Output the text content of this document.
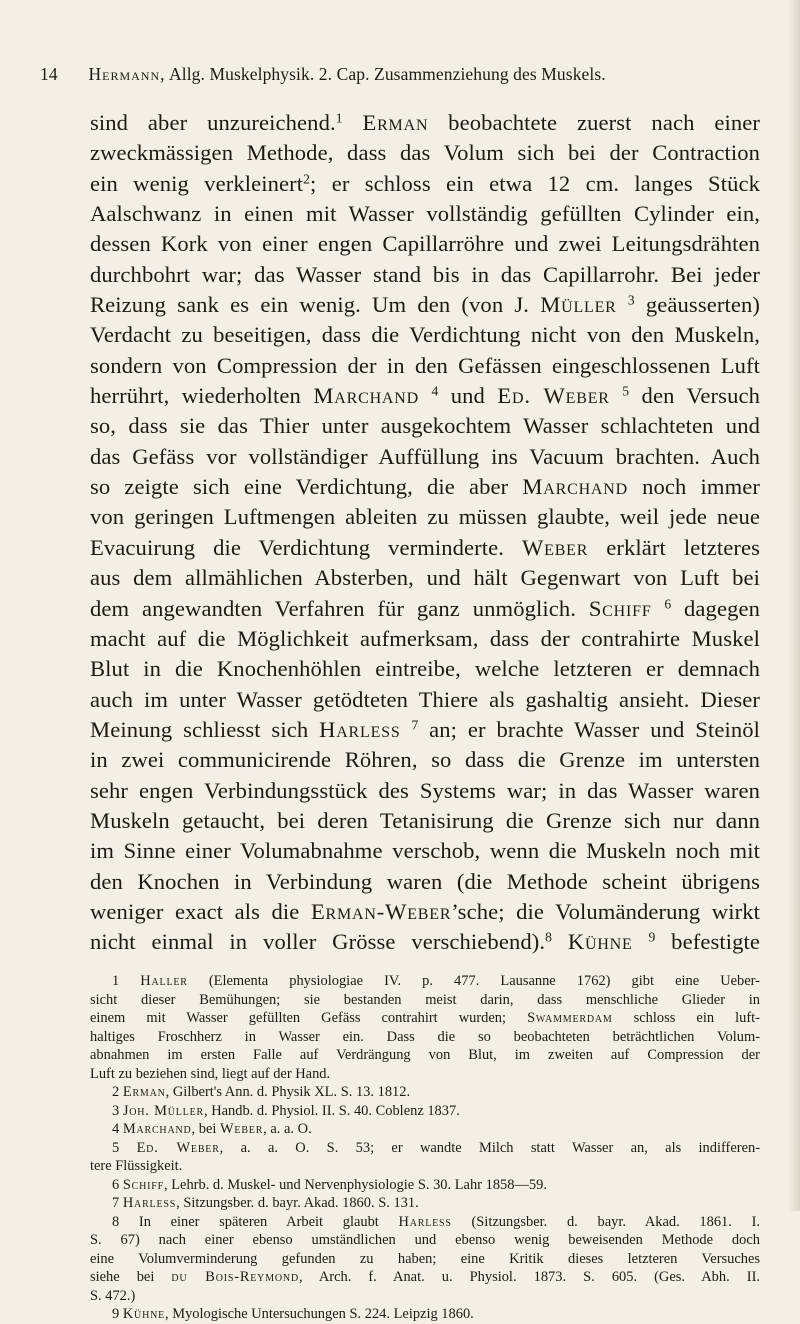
14 Hermann, Allg. Muskelphysik. 2. Cap. Zusammenziehung des Muskels.
sind aber unzureichend.$^1$ Erman beobachtete zuerst nach einer
zweckmässigen Methode, dass das Volum sich bei der Contraction
ein wenig verkleinert$^2$; er schloss ein etwa 12 cm. langes Stück
Aalschwanz in einen mit Wasser vollständig gefüllten Cylinder ein,
dessen Kork von einer engen Capillarröhre und zwei Leitungsdrähten
durchbohrt war; das Wasser stand bis in das Capillarrohr. Bei jeder
Reizung sank es ein wenig. Um den (von J. Müller $^3$ geäusserten)
Verdacht zu beseitigen, dass die Verdichtung nicht von den Muskeln,
sondern von Compression der in den Gefässen eingeschlossenen Luft
herrührt, wiederholten Marchand $^4$ und Ed. Weber $^5$ den Versuch
so, dass sie das Thier unter ausgekochtem Wasser schlachteten und
das Gefäss vor vollständiger Auffüllung ins Vacuum brachten. Auch
so zeigte sich eine Verdichtung, die aber Marchand noch immer
von geringen Luftmengen ableiten zu müssen glaubte, weil jede neue
Evacuirung die Verdichtung verminderte. Weber erklärt letzteres
aus dem allmählichen Absterben, und hält Gegenwart von Luft bei
dem angewandten Verfahren für ganz unmöglich. Schiff $^6$ dagegen
macht auf die Möglichkeit aufmerksam, dass der contrahirte Muskel
Blut in die Knochenhöhlen eintreibe, welche letzteren er demnach
auch im unter Wasser getödteten Thiere als gashaltig ansieht. Dieser
Meinung schliesst sich Harless $^7$ an; er brachte Wasser und Steinöl
in zwei communicirende Röhren, so dass die Grenze im untersten
sehr engen Verbindungsstück des Systems war; in das Wasser waren
Muskeln getaucht, bei deren Tetanisirung die Grenze sich nur dann
im Sinne einer Volumabnahme verschob, wenn die Muskeln noch mit
den Knochen in Verbindung waren (die Methode scheint übrigens
weniger exact als die Erman-Weber’sche; die Volumänderung wirkt
nicht einmal in voller Grösse verschiebend).$^8$ Kühne $^9$ befestigte
1 Haller (Elementa physiologiae IV. p. 477. Lausanne 1762) gibt eine Ueber-
sicht dieser Bemühungen; sie bestanden meist darin, dass menschliche Glieder in
einem mit Wasser gefüllten Gefäss contrahirt wurden; Swammerdam schloss ein luft-
haltiges Froschherz in Wasser ein. Dass die so beobachteten beträchtlichen Volum-
abnahmen im ersten Falle auf Verdrängung von Blut, im zweiten auf Compression der
Luft zu beziehen sind, liegt auf der Hand.
2 Erman, Gilbert's Ann. d. Physik XL. S. 13. 1812.
3 Joh. Müller, Handb. d. Physiol. II. S. 40. Coblenz 1837.
4 Marchand, bei Weber, a. a. O.
5 Ed. Weber, a. a. O. S. 53; er wandte Milch statt Wasser an, als indifferen-
tere Flüssigkeit.
6 Schiff, Lehrb. d. Muskel- und Nervenphysiologie S. 30. Lahr 1858—59.
7 Harless, Sitzungsber. d. bayr. Akad. 1860. S. 131.
8 In einer späteren Arbeit glaubt Harless (Sitzungsber. d. bayr. Akad. 1861. I.
S. 67) nach einer ebenso umständlichen und ebenso wenig beweisenden Methode doch
eine Volumverminderung gefunden zu haben; eine Kritik dieses letzteren Versuches
siehe bei du Bois-Reymond, Arch. f. Anat. u. Physiol. 1873. S. 605. (Ges. Abh. II.
S. 472.)
9 Kühne, Myologische Untersuchungen S. 224. Leipzig 1860.
